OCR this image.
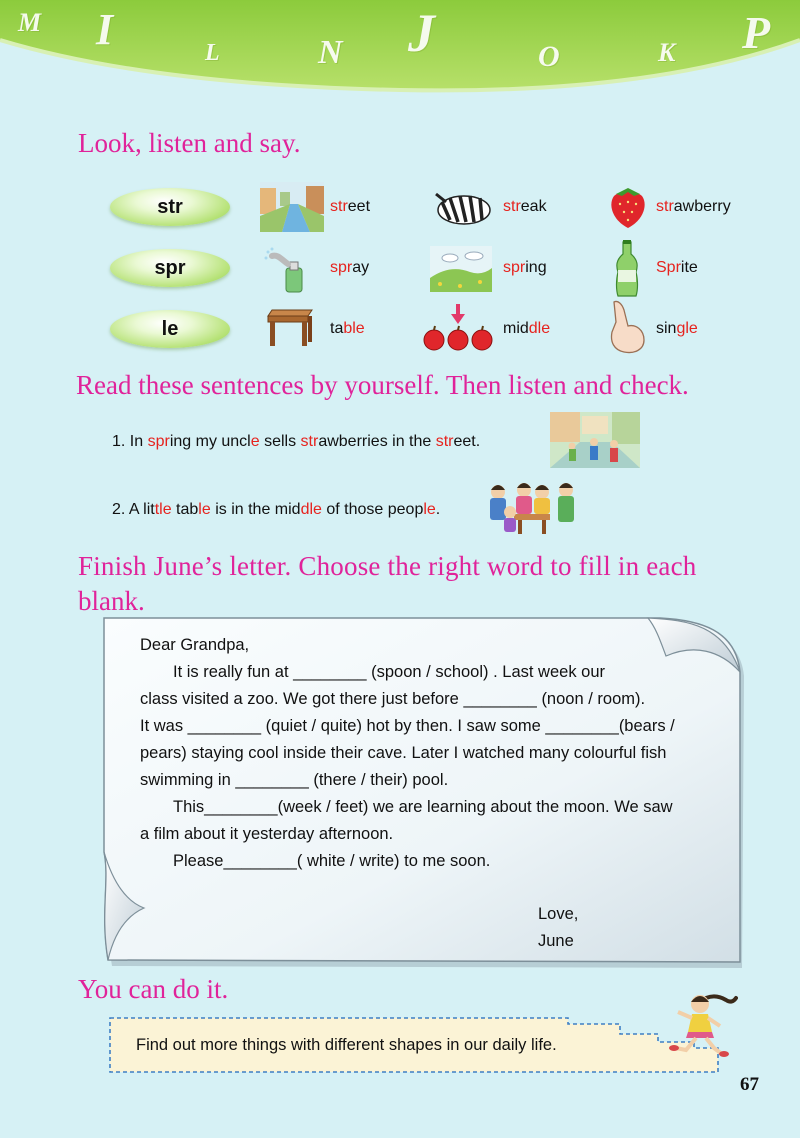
M I	L	N J	O	K P
Look, listen and say.
str
spr
le
street	streak	strawberry
spray	spring	Sprite
table	middle	single
Read these sentences by yourself. Then listen and check.
1. In spring my uncle sells strawberries in the street.
2. A little table is in the middle of those people.
Finish June’s letter. Choose the right word to fill in each
blank.

Dear Grandpa,

It is really fun at ________ (spoon / school) . Last week our

class visited a zoo. We got there just before ________ (noon / room).

It was ________ (quiet / quite) hot by then. I saw some ________(bears /

pears) staying cool inside their cave. Later I watched many colourful fish

swimming in ________ (there / their) pool.

This________(week / feet) we are learning about the moon. We saw

a film about it yesterday afternoon.

Please________( white / write) to me soon.

Love,
June
You can do it.
Find out more things with different shapes in our daily life.
67
